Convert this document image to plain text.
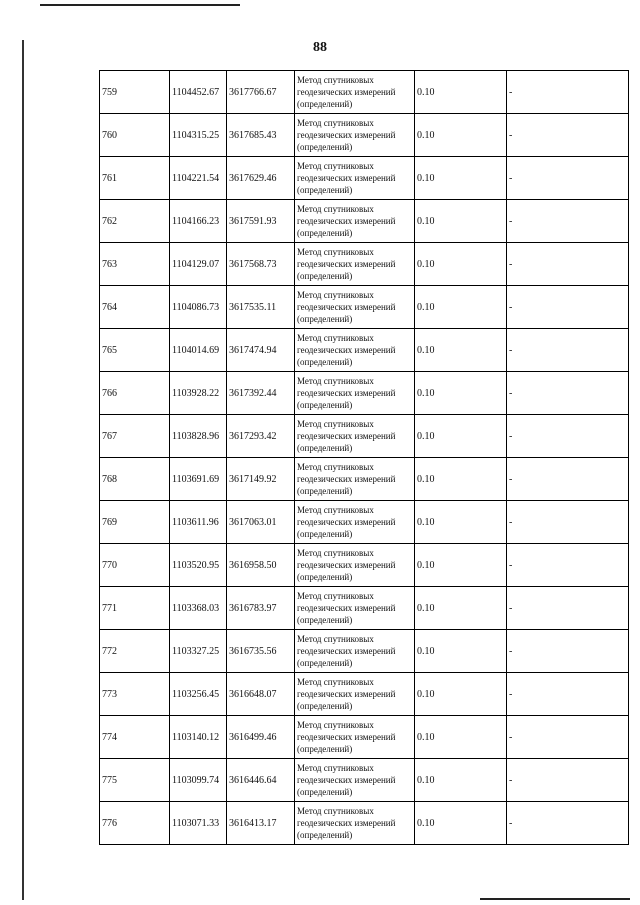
88
759	1104452.67	3617766.67	Метод спутниковых геодезических измерений (определений)	0.10	-
760	1104315.25	3617685.43	Метод спутниковых геодезических измерений (определений)	0.10	-
761	1104221.54	3617629.46	Метод спутниковых геодезических измерений (определений)	0.10	-
762	1104166.23	3617591.93	Метод спутниковых геодезических измерений (определений)	0.10	-
763	1104129.07	3617568.73	Метод спутниковых геодезических измерений (определений)	0.10	-
764	1104086.73	3617535.11	Метод спутниковых геодезических измерений (определений)	0.10	-
765	1104014.69	3617474.94	Метод спутниковых геодезических измерений (определений)	0.10	-
766	1103928.22	3617392.44	Метод спутниковых геодезических измерений (определений)	0.10	-
767	1103828.96	3617293.42	Метод спутниковых геодезических измерений (определений)	0.10	-
768	1103691.69	3617149.92	Метод спутниковых геодезических измерений (определений)	0.10	-
769	1103611.96	3617063.01	Метод спутниковых геодезических измерений (определений)	0.10	-
770	1103520.95	3616958.50	Метод спутниковых геодезических измерений (определений)	0.10	-
771	1103368.03	3616783.97	Метод спутниковых геодезических измерений (определений)	0.10	-
772	1103327.25	3616735.56	Метод спутниковых геодезических измерений (определений)	0.10	-
773	1103256.45	3616648.07	Метод спутниковых геодезических измерений (определений)	0.10	-
774	1103140.12	3616499.46	Метод спутниковых геодезических измерений (определений)	0.10	-
775	1103099.74	3616446.64	Метод спутниковых геодезических измерений (определений)	0.10	-
776	1103071.33	3616413.17	Метод спутниковых геодезических измерений (определений)	0.10	-
